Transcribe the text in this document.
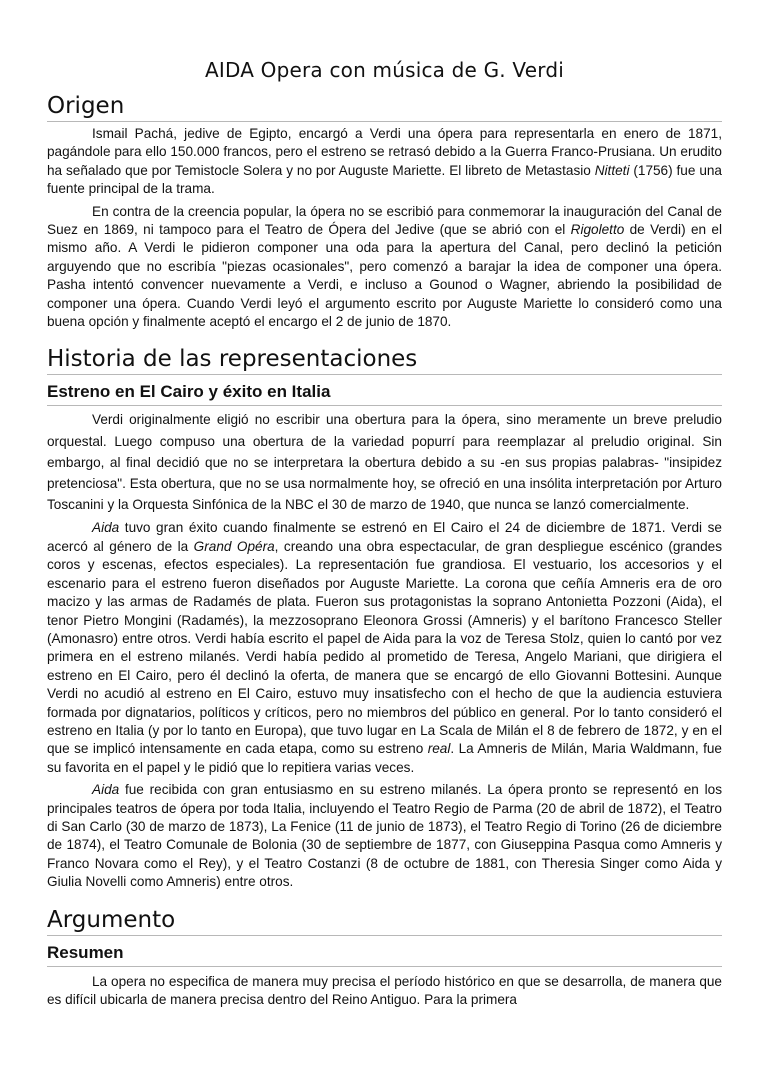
AIDA Opera con música de G. Verdi
Origen

Ismail Pachá, jedive de Egipto, encargó a Verdi una ópera para representarla en enero de 1871, pagándole para ello 150.000 francos, pero el estreno se retrasó debido a la Guerra Franco-Prusiana. Un erudito ha señalado que por Temistocle Solera y no por Auguste Mariette. El libreto de Metastasio Nitteti (1756) fue una fuente principal de la trama.

En contra de la creencia popular, la ópera no se escribió para conmemorar la inauguración del Canal de Suez en 1869, ni tampoco para el Teatro de Ópera del Jedive (que se abrió con el Rigoletto de Verdi) en el mismo año. A Verdi le pidieron componer una oda para la apertura del Canal, pero declinó la petición arguyendo que no escribía "piezas ocasionales", pero comenzó a barajar la idea de componer una ópera. Pasha intentó convencer nuevamente a Verdi, e incluso a Gounod o Wagner, abriendo la posibilidad de componer una ópera. Cuando Verdi leyó el argumento escrito por Auguste Mariette lo consideró como una buena opción y finalmente aceptó el encargo el 2 de junio de 1870.

Historia de las representaciones
Estreno en El Cairo y éxito en Italia

Verdi originalmente eligió no escribir una obertura para la ópera, sino meramente un breve preludio orquestal. Luego compuso una obertura de la variedad popurrí para reemplazar al preludio original. Sin embargo, al final decidió que no se interpretara la obertura debido a su -en sus propias palabras- "insipidez pretenciosa". Esta obertura, que no se usa normalmente hoy, se ofreció en una insólita interpretación por Arturo Toscanini y la Orquesta Sinfónica de la NBC el 30 de marzo de 1940, que nunca se lanzó comercialmente.

Aida tuvo gran éxito cuando finalmente se estrenó en El Cairo el 24 de diciembre de 1871. Verdi se acercó al género de la Grand Opéra, creando una obra espectacular, de gran despliegue escénico (grandes coros y escenas, efectos especiales). La representación fue grandiosa. El vestuario, los accesorios y el escenario para el estreno fueron diseñados por Auguste Mariette. La corona que ceñía Amneris era de oro macizo y las armas de Radamés de plata. Fueron sus protagonistas la soprano Antonietta Pozzoni (Aida), el tenor Pietro Mongini (Radamés), la mezzosoprano Eleonora Grossi (Amneris) y el barítono Francesco Steller (Amonasro) entre otros. Verdi había escrito el papel de Aida para la voz de Teresa Stolz, quien lo cantó por vez primera en el estreno milanés. Verdi había pedido al prometido de Teresa, Angelo Mariani, que dirigiera el estreno en El Cairo, pero él declinó la oferta, de manera que se encargó de ello Giovanni Bottesini. Aunque Verdi no acudió al estreno en El Cairo, estuvo muy insatisfecho con el hecho de que la audiencia estuviera formada por dignatarios, políticos y críticos, pero no miembros del público en general. Por lo tanto consideró el estreno en Italia (y por lo tanto en Europa), que tuvo lugar en La Scala de Milán el 8 de febrero de 1872, y en el que se implicó intensamente en cada etapa, como su estreno real. La Amneris de Milán, Maria Waldmann, fue su favorita en el papel y le pidió que lo repitiera varias veces.

Aida fue recibida con gran entusiasmo en su estreno milanés. La ópera pronto se representó en los principales teatros de ópera por toda Italia, incluyendo el Teatro Regio de Parma (20 de abril de 1872), el Teatro di San Carlo (30 de marzo de 1873), La Fenice (11 de junio de 1873), el Teatro Regio di Torino (26 de diciembre de 1874), el Teatro Comunale de Bolonia (30 de septiembre de 1877, con Giuseppina Pasqua como Amneris y Franco Novara como el Rey), y el Teatro Costanzi (8 de octubre de 1881, con Theresia Singer como Aida y Giulia Novelli como Amneris) entre otros.

Argumento
Resumen

La opera no especifica de manera muy precisa el período histórico en que se desarrolla, de manera que es difícil ubicarla de manera precisa dentro del Reino Antiguo. Para la primera
